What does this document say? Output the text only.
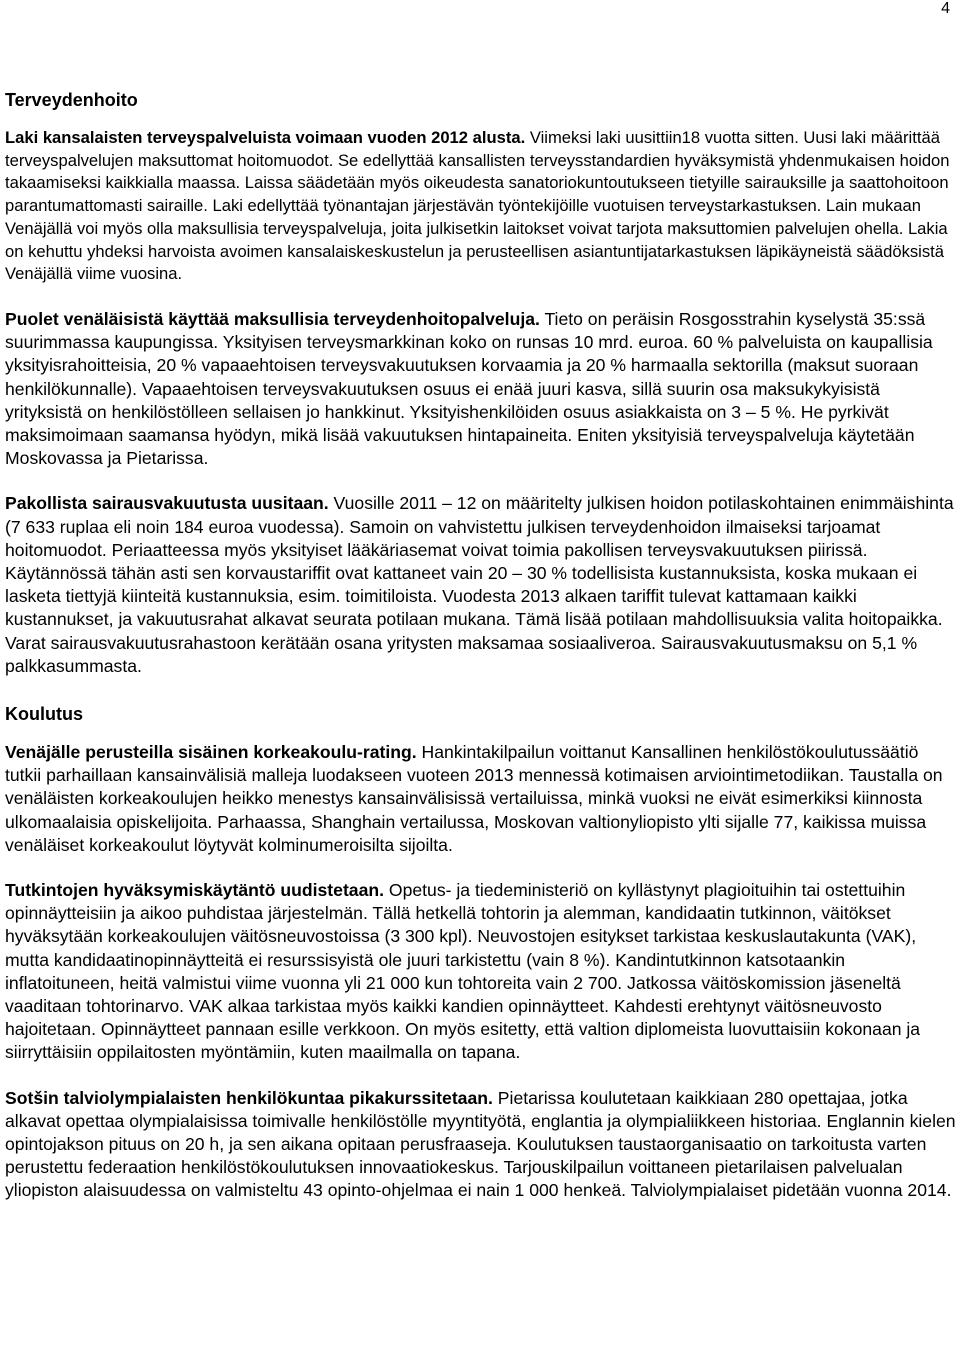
4
Terveydenhoito

Laki kansalaisten terveyspalveluista voimaan vuoden 2012 alusta. Viimeksi laki uusittiin18 vuotta sitten. Uusi laki määrittää terveyspalvelujen maksuttomat hoitomuodot. Se edellyttää kansallisten terveysstandardien hyväksymistä yhdenmukaisen hoidon takaamiseksi kaikkialla maassa. Laissa säädetään myös oikeudesta sanatoriokuntoutukseen tietyille sairauksille ja saattohoitoon parantumattomasti sairaille. Laki edellyttää työnantajan järjestävän työntekijöille vuotuisen terveystarkastuksen. Lain mukaan Venäjällä voi myös olla maksullisia terveyspalveluja, joita julkisetkin laitokset voivat tarjota maksuttomien palvelujen ohella. Lakia on kehuttu yhdeksi harvoista avoimen kansalaiskeskustelun ja perusteellisen asiantuntijatarkastuksen läpikäyneistä säädöksistä Venäjällä viime vuosina.

Puolet venäläisistä käyttää maksullisia terveydenhoitopalveluja. Tieto on peräisin Rosgosstrahin kyselystä 35:ssä suurimmassa kaupungissa. Yksityisen terveysmarkkinan koko on runsas 10 mrd. euroa. 60 % palveluista on kaupallisia yksityisrahoitteisia, 20 % vapaaehtoisen terveysvakuutuksen korvaamia ja 20 % harmaalla sektorilla (maksut suoraan henkilökunnalle). Vapaaehtoisen terveysvakuutuksen osuus ei enää juuri kasva, sillä suurin osa maksukykyisistä yrityksistä on henkilöstölleen sellaisen jo hankkinut. Yksityishenkilöiden osuus asiakkaista on 3 – 5 %. He pyrkivät maksimoimaan saamansa hyödyn, mikä lisää vakuutuksen hintapaineita. Eniten yksityisiä terveyspalveluja käytetään Moskovassa ja Pietarissa.

Pakollista sairausvakuutusta uusitaan. Vuosille 2011 – 12 on määritelty julkisen hoidon potilaskohtainen enimmäishinta (7 633 ruplaa eli noin 184 euroa vuodessa). Samoin on vahvistettu julkisen terveydenhoidon ilmaiseksi tarjoamat hoitomuodot. Periaatteessa myös yksityiset lääkäriasemat voivat toimia pakollisen terveysvakuutuksen piirissä. Käytännössä tähän asti sen korvaustariffit ovat kattaneet vain 20 – 30 % todellisista kustannuksista, koska mukaan ei lasketa tiettyjä kiinteitä kustannuksia, esim. toimitiloista. Vuodesta 2013 alkaen tariffit tulevat kattamaan kaikki kustannukset, ja vakuutusrahat alkavat seurata potilaan mukana. Tämä lisää potilaan mahdollisuuksia valita hoitopaikka. Varat sairausvakuutusrahastoon kerätään osana yritysten maksamaa sosiaaliveroa. Sairausvakuutusmaksu on 5,1 % palkkasummasta.

Koulutus

Venäjälle perusteilla sisäinen korkeakoulu-rating. Hankintakilpailun voittanut Kansallinen henkilöstökoulutussäätiö tutkii parhaillaan kansainvälisiä malleja luodakseen vuoteen 2013 mennessä kotimaisen arviointimetodiikan. Taustalla on venäläisten korkeakoulujen heikko menestys kansainvälisissä vertailuissa, minkä vuoksi ne eivät esimerkiksi kiinnosta ulkomaalaisia opiskelijoita. Parhaassa, Shanghain vertailussa, Moskovan valtionyliopisto ylti sijalle 77, kaikissa muissa venäläiset korkeakoulut löytyvät kolminumeroisilta sijoilta.

Tutkintojen hyväksymiskäytäntö uudistetaan. Opetus- ja tiedeministeriö on kyllästynyt plagioituihin tai ostettuihin opinnäytteisiin ja aikoo puhdistaa järjestelmän. Tällä hetkellä tohtorin ja alemman, kandidaatin tutkinnon, väitökset hyväksytään korkeakoulujen väitösneuvostoissa (3 300 kpl). Neuvostojen esitykset tarkistaa keskuslautakunta (VAK), mutta kandidaatinopinnäytteitä ei resurssisyistä ole juuri tarkistettu (vain 8 %). Kandintutkinnon katsotaankin inflatoituneen, heitä valmistui viime vuonna yli 21 000 kun tohtoreita vain 2 700. Jatkossa väitöskomission jäseneltä vaaditaan tohtorinarvo. VAK alkaa tarkistaa myös kaikki kandien opinnäytteet. Kahdesti erehtynyt väitösneuvosto hajoitetaan. Opinnäytteet pannaan esille verkkoon. On myös esitetty, että valtion diplomeista luovuttaisiin kokonaan ja siirryttäisiin oppilaitosten myöntämiin, kuten maailmalla on tapana.

Sotšin talviolympialaisten henkilökuntaa pikakurssitetaan. Pietarissa koulutetaan kaikkiaan 280 opettajaa, jotka alkavat opettaa olympialaisissa toimivalle henkilöstölle myyntityötä, englantia ja olympialiikkeen historiaa. Englannin kielen opintojakson pituus on 20 h, ja sen aikana opitaan perusfraaseja. Koulutuksen taustaorganisaatio on tarkoitusta varten perustettu federaation henkilöstökoulutuksen innovaatiokeskus. Tarjouskilpailun voittaneen pietarilaisen palvelualan yliopiston alaisuudessa on valmisteltu 43 opinto-ohjelmaa ei nain 1 000 henkeä. Talviolympialaiset pidetään vuonna 2014.
